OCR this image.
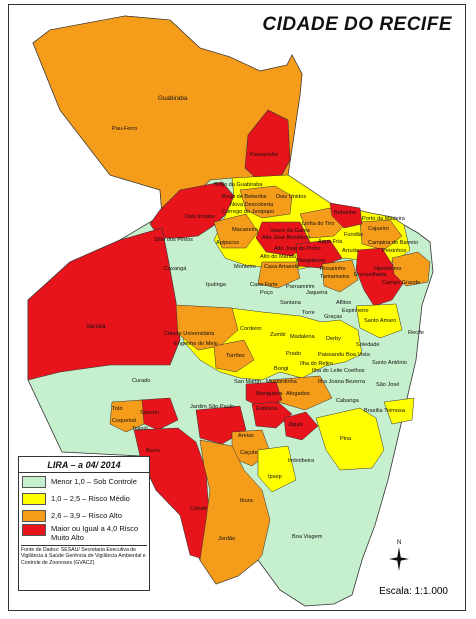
CIDADE DO RECIFE
Guabiraba
Pau-Ferro
Passarinho
Brejo da Guabiraba
Brejo de Beberibe Dois Unidos
Nova Descoberta
Córrego do Jenipapo
Dois Irmãos
Sítio dos Pintos
Macaxeira
Apipucos
Alto José Bonifácio
Alto do Mandu
Vasco da Gama
Linha do Tiro
Beberibe
Porto da Madeira
Cajueiro
Fundão
Água Fria
Arruda
Campina do Barreto
Peixinhos
Alto José do Pinho
Mangabeira
Casa Amarela
Monteiro
Caxangá
Iputinga	Casa Forte
Poço
Parnamirim
Rosarinho
Tamarineira Encruzilhada
Hipódromo
Campo Grande
Jaqueira
Aflitos
Espinheiro
Santana
Torre
Graças
Santo Amaro
Recife
Varzea
Cidade Universitária
Engenho do Meio
Cordeiro
Zumbi Madalena Derby
Soledade
Torrões	Prado	Paissandu Boa Vista
Santo Antônio
Ilha do Retiro
Ilha do Leite Coelhos
Bongi
São José
Curado	San Martin Mustardinha	Ilha Joana Bezerra
Mangueira Afogados
Cabanga
Brasília Teimosa
Totó	Jardim São Paulo	Estância
Sancho
Coqueiral
Tejipió
Jiquiá
Areias	Pina
Barro	Caçote
Imbiribeira
Ipsep
Cohab
Ibura
Jordão	Boa Viagem
LIRA – a 04/ 2014
Menor 1,0 – Sob Controle
1,0 – 2,5 – Risco Médio
2,6 – 3,9 – Risco Alto
Maior ou Igual a 4,0 Risco Muito Alto
Fonte de Dados: SESAU/ Secretaria Executiva de Vigilância à Saúde Gerência de Vigilância Ambiental e Controle de Zoonoses (GVACZ)
N
Escala: 1:1.000
